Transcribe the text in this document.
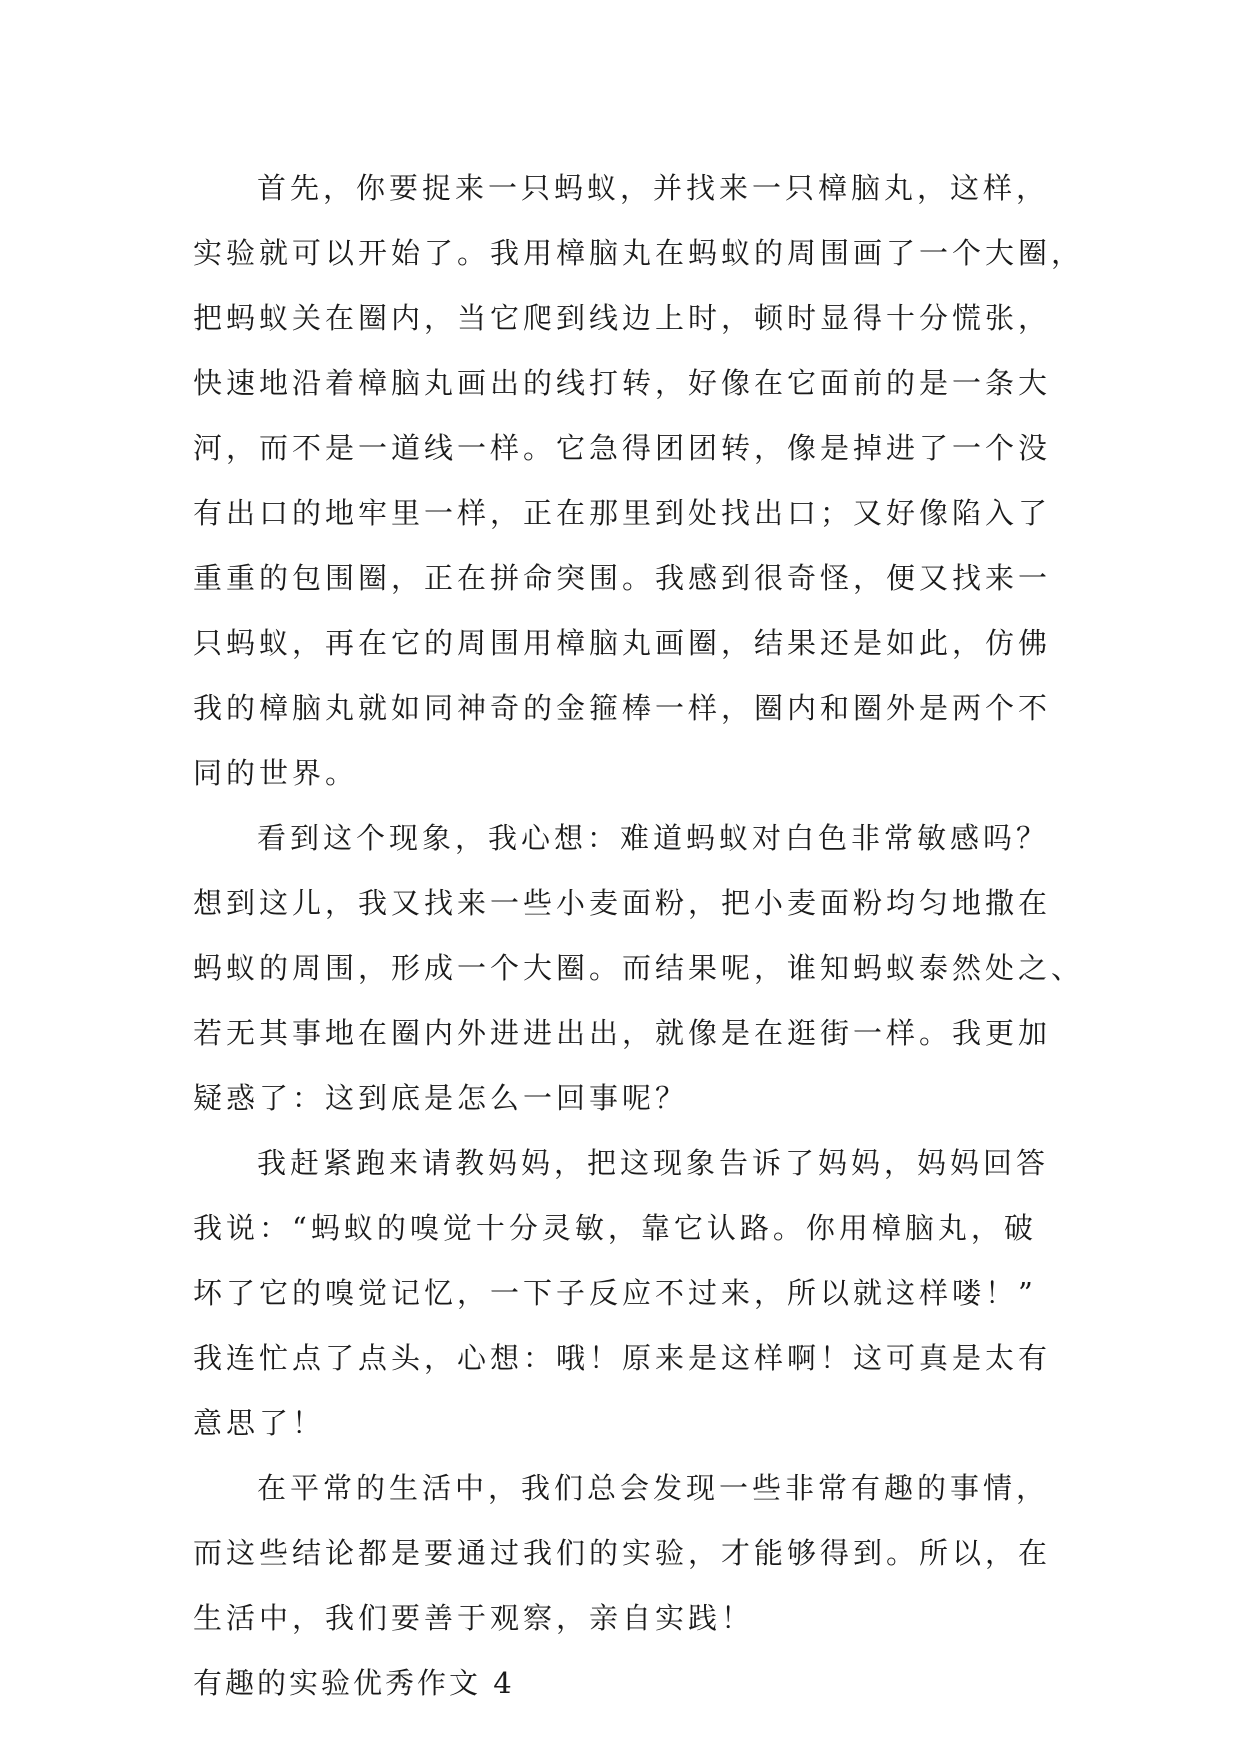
首先，你要捉来一只蚂蚁，并找来一只樟脑丸，这样，
实验就可以开始了。我用樟脑丸在蚂蚁的周围画了一个大圈，
把蚂蚁关在圈内，当它爬到线边上时，顿时显得十分慌张，
快速地沿着樟脑丸画出的线打转，好像在它面前的是一条大
河，而不是一道线一样。它急得团团转，像是掉进了一个没
有出口的地牢里一样，正在那里到处找出口；又好像陷入了
重重的包围圈，正在拼命突围。我感到很奇怪，便又找来一
只蚂蚁，再在它的周围用樟脑丸画圈，结果还是如此，仿佛
我的樟脑丸就如同神奇的金箍棒一样，圈内和圈外是两个不
同的世界。
看到这个现象，我心想：难道蚂蚁对白色非常敏感吗？
想到这儿，我又找来一些小麦面粉，把小麦面粉均匀地撒在
蚂蚁的周围，形成一个大圈。而结果呢，谁知蚂蚁泰然处之、
若无其事地在圈内外进进出出，就像是在逛街一样。我更加
疑惑了：这到底是怎么一回事呢？
我赶紧跑来请教妈妈，把这现象告诉了妈妈，妈妈回答
我说：“蚂蚁的嗅觉十分灵敏，靠它认路。你用樟脑丸，破
坏了它的嗅觉记忆，一下子反应不过来，所以就这样喽！”
我连忙点了点头，心想：哦！原来是这样啊！这可真是太有
意思了！
在平常的生活中，我们总会发现一些非常有趣的事情，
而这些结论都是要通过我们的实验，才能够得到。所以，在
生活中，我们要善于观察，亲自实践！
有趣的实验优秀作文 4
